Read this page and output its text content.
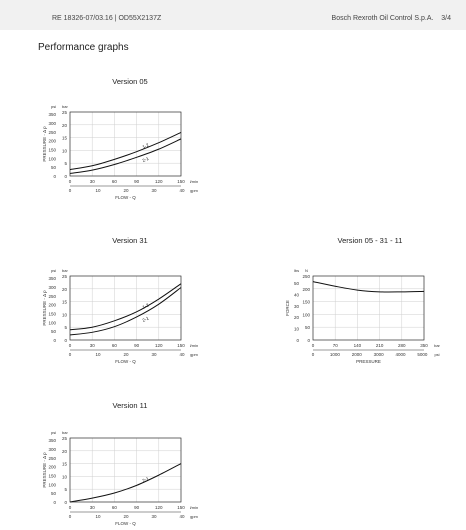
RE 18326-07/03.16 | OD55X2137Z	Bosch Rexroth Oil Control S.p.A. 3/4
Performance graphs
Version 05
0
5
10
15
20
25
0
50
100
150
200
250
300
350
psi bar
PRESSURE - Δ p
0	30	60	90	120	150 l/min
0	10	20	30	40 gpm
FLOW - Q
1-2
2-1
Version 31
0
5
10
15
20
25
0
50
100
150
200
250
300
350
psi bar
PRESSURE - Δ p
0	30	60	90	120	150 l/min
0	10	20	30	40 gpm
FLOW - Q
1-2
2-1
Version 05 - 31 - 11
0
50
100
150
200
250
0
10
20
30
40
50
lbs N
FORCE
0	70	140	210	280	350 bar
0	1000	2000	3000	4000	5000 psi
PRESSURE
Version 11
0
5
10
15
20
25
0
50
100
150
200
250
300
350
psi bar
PRESSURE - Δ p
0	30	60	90	120	150 l/min
0	10	20	30	40 gpm
FLOW - Q
2-1
